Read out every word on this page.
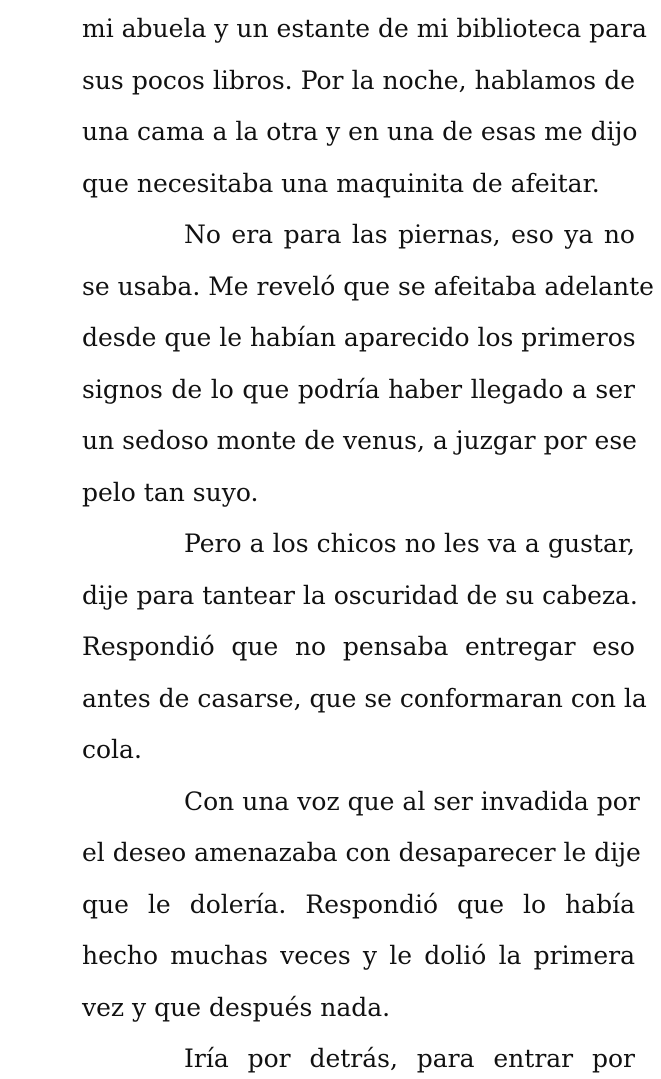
mi abuela y un estante de mi biblioteca para
sus pocos libros. Por la noche, hablamos de
una cama a la otra y en una de esas me dijo
que necesitaba una maquinita de afeitar.
No era para las piernas, eso ya no
se usaba. Me reveló que se afeitaba adelante
desde que le habían aparecido los primeros
signos de lo que podría haber llegado a ser
un sedoso monte de venus, a juzgar por ese
pelo tan suyo.
Pero a los chicos no les va a gustar,
dije para tantear la oscuridad de su cabeza.
Respondió que no pensaba entregar eso
antes de casarse, que se conformaran con la
cola.
Con una voz que al ser invadida por
el deseo amenazaba con desaparecer le dije
que le dolería. Respondió que lo había
hecho muchas veces y le dolió la primera
vez y que después nada.
Iría por detrás, para entrar por
